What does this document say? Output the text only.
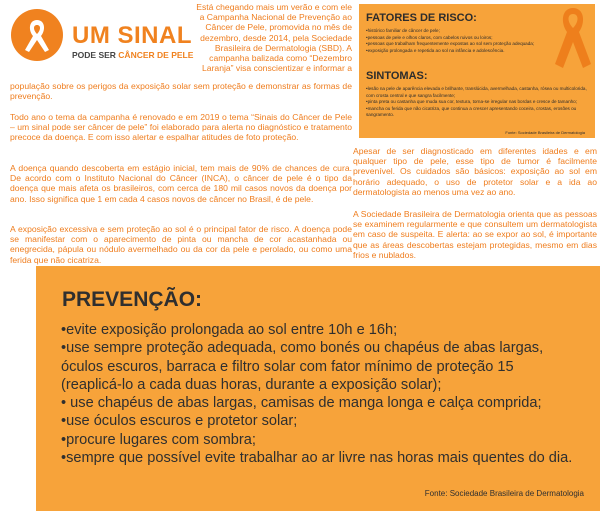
UM SINAL
PODE SER CÂNCER DE PELE

Está chegando mais um verão e com ele a Campanha Nacional de Prevenção ao Câncer de Pele, promovida no mês de dezembro, desde 2014, pela Sociedade Brasileira de Dermatologia (SBD). A campanha balizada como “Dezembro Laranja” visa conscientizar e informar a

população sobre os perigos da exposição solar sem proteção e demonstrar as formas de prevenção.

Todo ano o tema da campanha é renovado e em 2019 o tema “Sinais do Câncer de Pele – um sinal pode ser câncer de pele” foi elaborado para alerta no diagnóstico e tratamento precoce da doença. E com isso alertar e espalhar atitudes de foto proteção.

A doença quando descoberta em estágio inicial, tem mais de 90% de chances de cura. De acordo com o Instituto Nacional do Câncer (INCA), o câncer de pele é o tipo da doença que mais afeta os brasileiros, com cerca de 180 mil casos novos da doença por ano. Isso significa que 1 em cada 4 casos novos de câncer no Brasil, é de pele.

A exposição excessiva e sem proteção ao sol é o principal fator de risco. A doença pode se manifestar com o aparecimento de pinta ou mancha de cor acastanhada ou enegrecida, pápula ou nódulo avermelhado ou da cor da pele e perolado, ou como uma ferida que não cicatriza.

Apesar de ser diagnosticado em diferentes idades e em qualquer tipo de pele, esse tipo de tumor é facilmente prevenível. Os cuidados são básicos: exposição ao sol em horário adequado, o uso de protetor solar e a ida ao dermatologista ao menos uma vez ao ano.

A Sociedade Brasileira de Dermatologia orienta que as pessoas se examinem regularmente e que consultem um dermatologista em caso de suspeita. E alerta: ao se expor ao sol, é importante que as áreas descobertas estejam protegidas, mesmo em dias frios e nublados.

FATORES DE RISCO:
• histórico familiar de câncer de pele;
• pessoas de pele e olhos claros, com cabelos ruivos ou loiros;
• pessoas que trabalham frequentemente expostas ao sol sem proteção adequada;
• exposição prolongada e repetida ao sol na infância e adolescência.
SINTOMAS:
• lesão na pele de aparência elevada e brilhante, translúcida, avermelhada, castanha, rósea ou multicolorida, com crosta central e que sangra facilmente;
• pinta preta ou castanha que muda sua cor, textura, torna-se irregular nas bordas e cresce de tamanho;
• mancha ou ferida que não cicatriza, que continua a crescer apresentando coceira, crostas, erosões ou sangramento.
Fonte: Sociedade Brasileira de Dermatologia
PREVENÇÃO:
• evite exposição prolongada ao sol entre 10h e 16h;
• use sempre proteção adequada, como bonés ou chapéus de abas largas, óculos escuros, barraca e filtro solar com fator mínimo de proteção 15 (reaplicá-lo a cada duas horas, durante a exposição solar);
• use chapéus de abas largas, camisas de manga longa e calça comprida;
• use óculos escuros e protetor solar;
• procure lugares com sombra;
• sempre que possível evite trabalhar ao ar livre nas horas mais quentes do dia.
Fonte: Sociedade Brasileira de Dermatologia
